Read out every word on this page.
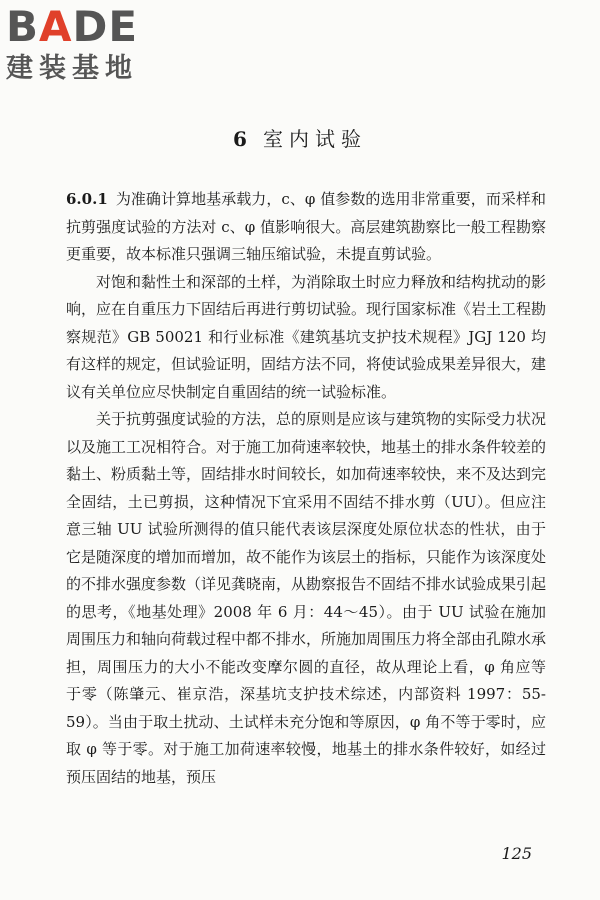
B A DE
建装基地
6 室内试验

6.0.1 为准确计算地基承载力，c、φ 值参数的选用非常重要，而采样和抗剪强度试验的方法对 c、φ 值影响很大。高层建筑勘察比一般工程勘察更重要，故本标准只强调三轴压缩试验，未提直剪试验。

对饱和黏性土和深部的土样，为消除取土时应力释放和结构扰动的影响，应在自重压力下固结后再进行剪切试验。现行国家标准《岩土工程勘察规范》GB 50021 和行业标准《建筑基坑支护技术规程》JGJ 120 均有这样的规定，但试验证明，固结方法不同，将使试验成果差异很大，建议有关单位应尽快制定自重固结的统一试验标准。

关于抗剪强度试验的方法，总的原则是应该与建筑物的实际受力状况以及施工工况相符合。对于施工加荷速率较快，地基土的排水条件较差的黏土、粉质黏土等，固结排水时间较长，如加荷速率较快，来不及达到完全固结，土已剪损，这种情况下宜采用不固结不排水剪（UU）。但应注意三轴 UU 试验所测得的值只能代表该层深度处原位状态的性状，由于它是随深度的增加而增加，故不能作为该层土的指标，只能作为该深度处的不排水强度参数（详见龚晓南，从勘察报告不固结不排水试验成果引起的思考，《地基处理》2008 年 6 月：44～45）。由于 UU 试验在施加周围压力和轴向荷载过程中都不排水，所施加周围压力将全部由孔隙水承担，周围压力的大小不能改变摩尔圆的直径，故从理论上看，φ 角应等于零（陈肇元、崔京浩，深基坑支护技术综述，内部资料 1997：55-59）。当由于取土扰动、土试样未充分饱和等原因，φ 角不等于零时，应取 φ 等于零。对于施工加荷速率较慢，地基土的排水条件较好，如经过预压固结的地基，预压

125
